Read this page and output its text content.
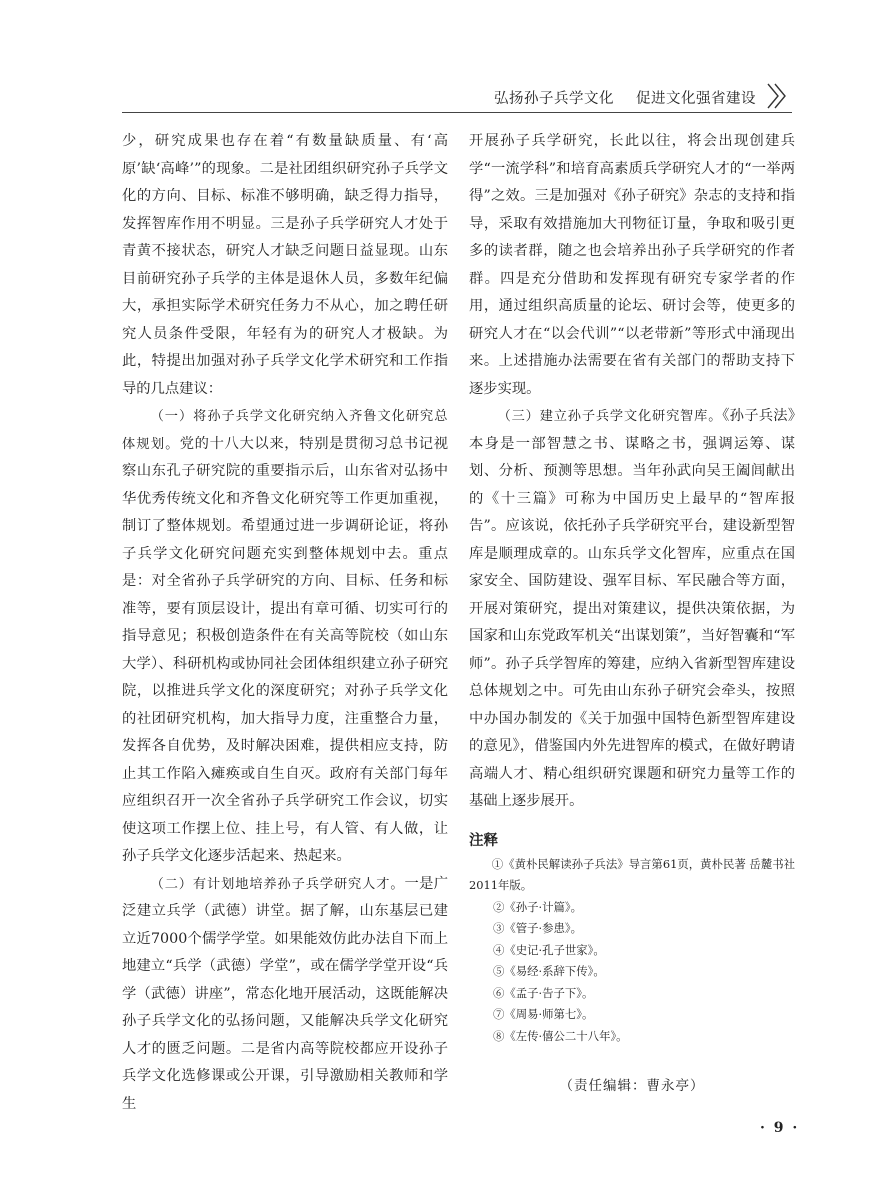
弘扬孙子兵学文化 促进文化强省建设

少，研究成果也存在着“有数量缺质量、有‘高原’缺‘高峰’”的现象。二是社团组织研究孙子兵学文化的方向、目标、标准不够明确，缺乏得力指导，发挥智库作用不明显。三是孙子兵学研究人才处于青黄不接状态，研究人才缺乏问题日益显现。山东目前研究孙子兵学的主体是退休人员，多数年纪偏大，承担实际学术研究任务力不从心，加之聘任研究人员条件受限，年轻有为的研究人才极缺。为此，特提出加强对孙子兵学文化学术研究和工作指导的几点建议：

（一）将孙子兵学文化研究纳入齐鲁文化研究总体规划。党的十八大以来，特别是贯彻习总书记视察山东孔子研究院的重要指示后，山东省对弘扬中华优秀传统文化和齐鲁文化研究等工作更加重视，制订了整体规划。希望通过进一步调研论证，将孙子兵学文化研究问题充实到整体规划中去。重点是：对全省孙子兵学研究的方向、目标、任务和标准等，要有顶层设计，提出有章可循、切实可行的指导意见；积极创造条件在有关高等院校（如山东大学）、科研机构或协同社会团体组织建立孙子研究院，以推进兵学文化的深度研究；对孙子兵学文化的社团研究机构，加大指导力度，注重整合力量，发挥各自优势，及时解决困难，提供相应支持，防止其工作陷入瘫痪或自生自灭。政府有关部门每年应组织召开一次全省孙子兵学研究工作会议，切实使这项工作摆上位、挂上号，有人管、有人做，让孙子兵学文化逐步活起来、热起来。

（二）有计划地培养孙子兵学研究人才。一是广泛建立兵学（武德）讲堂。据了解，山东基层已建立近7000个儒学学堂。如果能效仿此办法自下而上地建立“兵学（武德）学堂”，或在儒学学堂开设“兵学（武德）讲座”，常态化地开展活动，这既能解决孙子兵学文化的弘扬问题，又能解决兵学文化研究人才的匮乏问题。二是省内高等院校都应开设孙子兵学文化选修课或公开课，引导激励相关教师和学生

开展孙子兵学研究，长此以往，将会出现创建兵学“一流学科”和培育高素质兵学研究人才的“一举两得”之效。三是加强对《孙子研究》杂志的支持和指导，采取有效措施加大刊物征订量，争取和吸引更多的读者群，随之也会培养出孙子兵学研究的作者群。四是充分借助和发挥现有研究专家学者的作用，通过组织高质量的论坛、研讨会等，使更多的研究人才在“以会代训”“以老带新”等形式中涌现出来。上述措施办法需要在省有关部门的帮助支持下逐步实现。

（三）建立孙子兵学文化研究智库。《孙子兵法》本身是一部智慧之书、谋略之书，强调运筹、谋划、分析、预测等思想。当年孙武向吴王阖闾献出的《十三篇》可称为中国历史上最早的“智库报告”。应该说，依托孙子兵学研究平台，建设新型智库是顺理成章的。山东兵学文化智库，应重点在国家安全、国防建设、强军目标、军民融合等方面，开展对策研究，提出对策建议，提供决策依据，为国家和山东党政军机关“出谋划策”，当好智囊和“军师”。孙子兵学智库的筹建，应纳入省新型智库建设总体规划之中。可先由山东孙子研究会牵头，按照中办国办制发的《关于加强中国特色新型智库建设的意见》，借鉴国内外先进智库的模式，在做好聘请高端人才、精心组织研究课题和研究力量等工作的基础上逐步展开。

注释
①《黄朴民解读孙子兵法》导言第61页，黄朴民著 岳麓书社 2011年版。
②《孙子·计篇》。
③《管子·参患》。
④《史记·孔子世家》。
⑤《易经·系辞下传》。
⑥《孟子·告子下》。
⑦《周易·师第七》。
⑧《左传·僖公二十八年》。
（责任编辑：曹永亭）
· 9 ·
